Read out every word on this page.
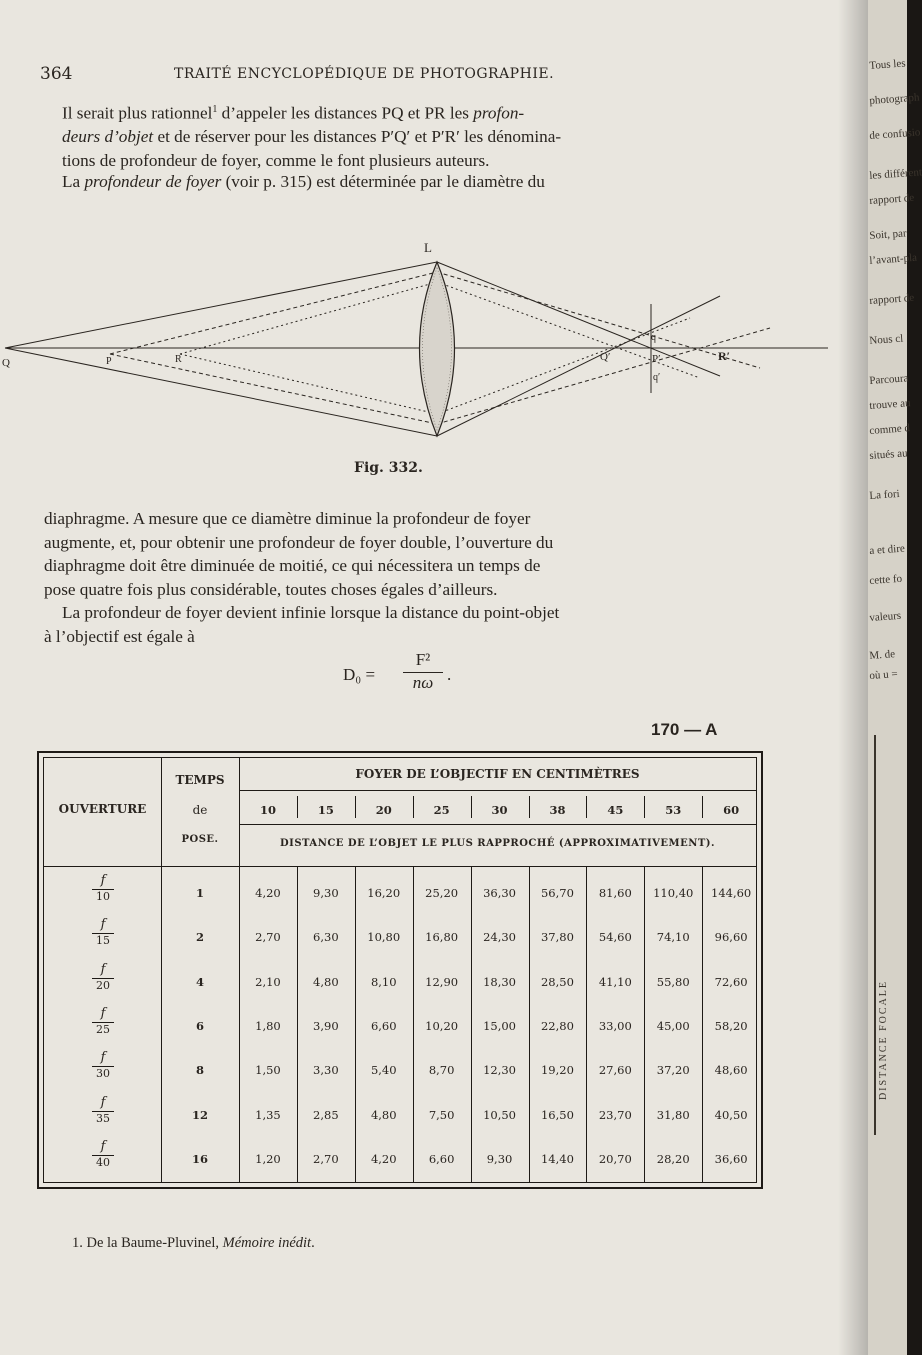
364	TRAITÉ ENCYCLOPÉDIQUE DE PHOTOGRAPHIE.

Il serait plus rationnel$^1$ d’appeler les distances PQ et PR les profon-
deurs d’objet et de réserver pour les distances P′Q′ et P′R′ les dénomina-
tions de profondeur de foyer, comme le font plusieurs auteurs.

La profondeur de foyer (voir p. 315) est déterminée par le diamètre du

L
Q	P	R	Q′	P′	R′
q
q′
Fig. 332.

diaphragme. A mesure que ce diamètre diminue la profondeur de foyer
augmente, et, pour obtenir une profondeur de foyer double, l’ouverture du
diaphragme doit être diminuée de moitié, ce qui nécessitera un temps de
pose quatre fois plus considérable, toutes choses égales d’ailleurs.

La profondeur de foyer devient infinie lorsque la distance du point-objet
à l’objectif est égale à

D₀ =
F²
nω .
170 — A
OUVERTURE
TEMPS
de
POSE.
FOYER DE L’OBJECTIF EN CENTIMÈTRES
DISTANCE DE L’OBJET LE PLUS RAPPROCHÉ (APPROXIMATIVEMENT).
10	15	20	25	30	38	45	53	60
f
10	1	4,20	9,30	16,20	25,20	36,30	56,70	81,60	110,40	144,60
f
15	2	2,70	6,30	10,80	16,80	24,30	37,80	54,60	74,10	96,60
f
20	4	2,10	4,80	8,10	12,90	18,30	28,50	41,10	55,80	72,60
f
25	6	1,80	3,90	6,60	10,20	15,00	22,80	33,00	45,00	58,20
f
30	8	1,50	3,30	5,40	8,70	12,30	19,20	27,60	37,20	48,60
f
35	12	1,35	2,85	4,80	7,50	10,50	16,50	23,70	31,80	40,50
f
40	16	1,20	2,70	4,20	6,60	9,30	14,40	20,70	28,20	36,60
1. De la Baume-Pluvinel, Mémoire inédit.
Tous les
photograph
de confusio
les différent
rapport de
Soit, par
l’avant-pla
rapport de
Nous cl
Parcoura
trouve au
comme d
situés au
La fori
a et dire
cette fo
valeurs
M. de
où u =
DISTANCE FOCALE
